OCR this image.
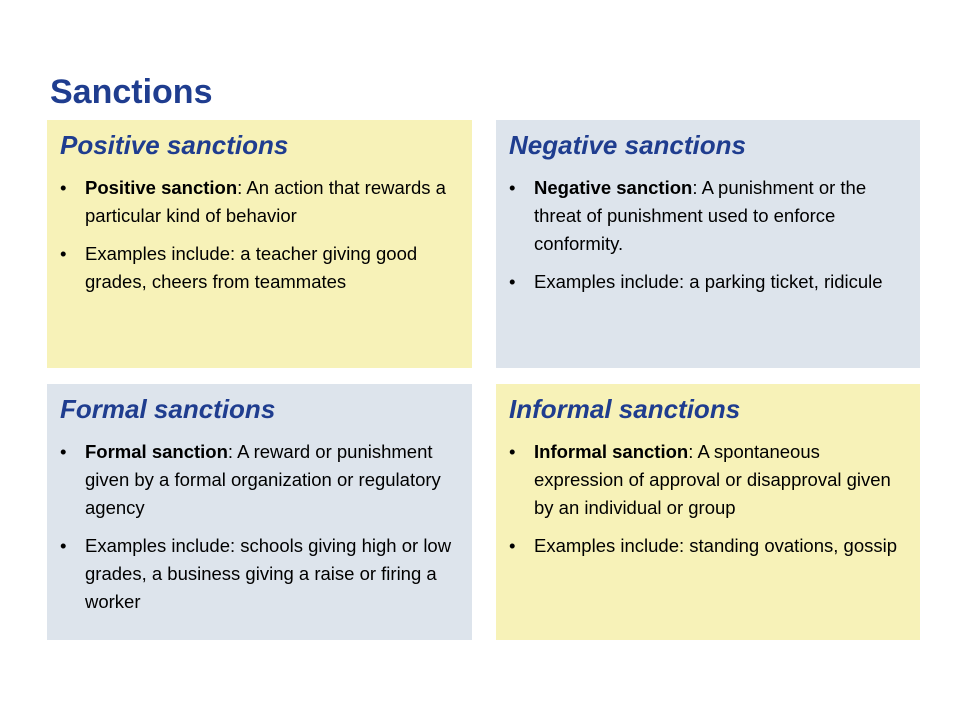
Sanctions
Positive sanctions
• Positive sanction: An action that rewards a particular kind of behavior
• Examples include: a teacher giving good grades, cheers from teammates
Negative sanctions
• Negative sanction: A punishment or the threat of punishment used to enforce conformity.
• Examples include: a parking ticket, ridicule
Formal sanctions
• Formal sanction: A reward or punishment given by a formal organization or regulatory agency
• Examples include: schools giving high or low grades, a business giving a raise or firing a worker
Informal sanctions
• Informal sanction: A spontaneous expression of approval or disapproval given by an individual or group
• Examples include: standing ovations, gossip
